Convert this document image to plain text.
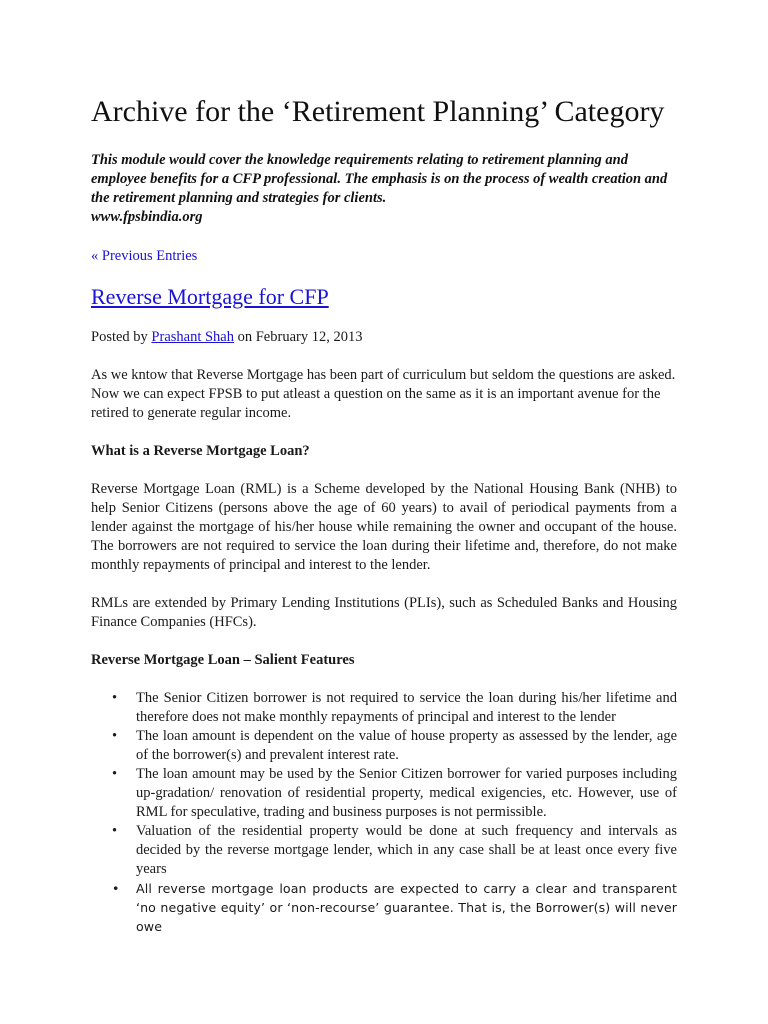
Archive for the ‘Retirement Planning’ Category

This module would cover the knowledge requirements relating to retirement planning and employee benefits for a CFP professional. The emphasis is on the process of wealth creation and the retirement planning and strategies for clients.

www.fpsbindia.org

« Previous Entries
Reverse Mortgage for CFP

Posted by Prashant Shah on February 12, 2013

As we kntow that Reverse Mortgage has been part of curriculum but seldom the questions are asked. Now we can expect FPSB to put atleast a question on the same as it is an important avenue for the retired to generate regular income.

What is a Reverse Mortgage Loan?

Reverse Mortgage Loan (RML) is a Scheme developed by the National Housing Bank (NHB) to help Senior Citizens (persons above the age of 60 years) to avail of periodical payments from a lender against the mortgage of his/her house while remaining the owner and occupant of the house. The borrowers are not required to service the loan during their lifetime and, therefore, do not make monthly repayments of principal and interest to the lender.

RMLs are extended by Primary Lending Institutions (PLIs), such as Scheduled Banks and Housing Finance Companies (HFCs).

Reverse Mortgage Loan – Salient Features

• The Senior Citizen borrower is not required to service the loan during his/her lifetime and therefore does not make monthly repayments of principal and interest to the lender
• The loan amount is dependent on the value of house property as assessed by the lender, age of the borrower(s) and prevalent interest rate.
• The loan amount may be used by the Senior Citizen borrower for varied purposes including up-gradation/ renovation of residential property, medical exigencies, etc. However, use of RML for speculative, trading and business purposes is not permissible.
• Valuation of the residential property would be done at such frequency and intervals as decided by the reverse mortgage lender, which in any case shall be at least once every five years
• All reverse mortgage loan products are expected to carry a clear and transparent ‘no negative equity’ or ‘non-recourse’ guarantee. That is, the Borrower(s) will never owe
